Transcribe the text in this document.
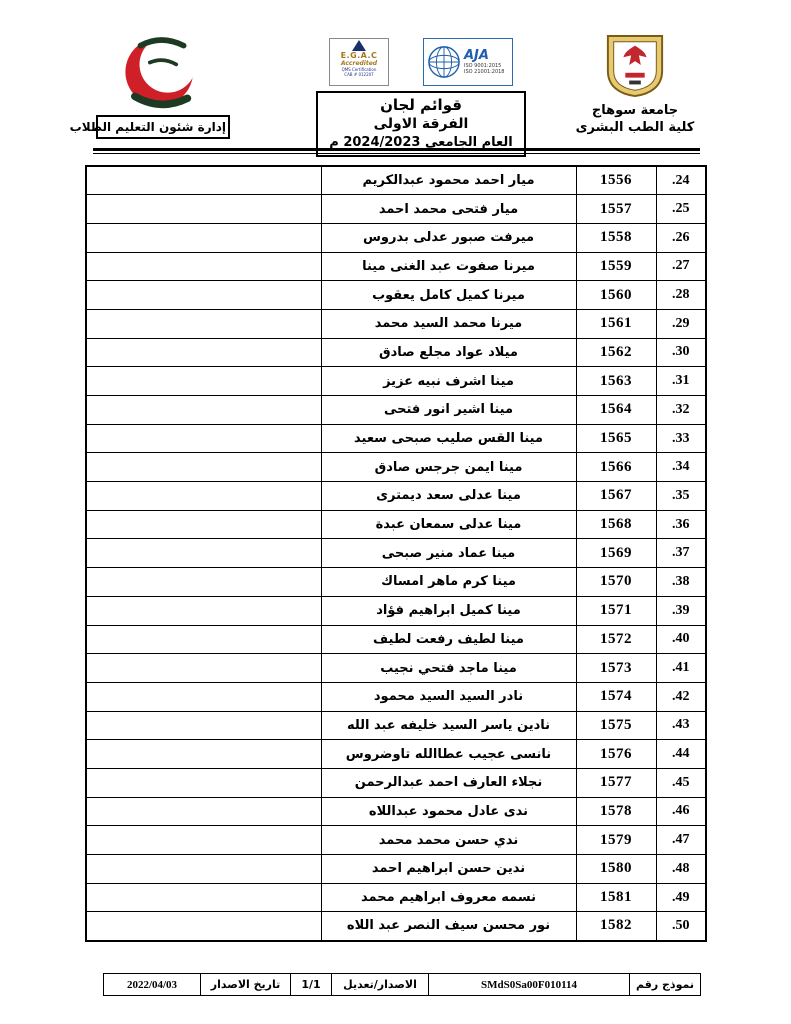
جامعة سوهاج
كلية الطب البشرى
E.G.A.C
Accredited
QMS Certification
CAB # 012207
AJA
ISO 9001:2015
ISO 21001:2018
قوائم لجان
الفرقة الاولى
العام الجامعي 2024/2023 م
إدارة شئون التعليم الطلاب
24.	1556	ميار احمد محمود عبدالكريم	
25.	1557	ميار فتحى محمد احمد	
26.	1558	ميرفت صبور عدلى بدروس	
27.	1559	ميرنا صفوت عبد الغنى مينا	
28.	1560	ميرنا كميل كامل يعقوب	
29.	1561	ميرنا محمد السيد محمد	
30.	1562	ميلاد عواد مجلع صادق	
31.	1563	مينا اشرف نبيه عزيز	
32.	1564	مينا اشير انور فتحى	
33.	1565	مينا القس صليب صبحى سعيد	
34.	1566	مينا ايمن جرجس صادق	
35.	1567	مينا عدلى سعد ديمترى	
36.	1568	مينا عدلى سمعان عبدة	
37.	1569	مينا عماد منير صبحى	
38.	1570	مينا كرم ماهر امساك	
39.	1571	مينا كميل ابراهيم فؤاد	
40.	1572	مينا لطيف رفعت لطيف	
41.	1573	مينا ماجد فتحي نجيب	
42.	1574	نادر السيد السيد محمود	
43.	1575	نادين ياسر السيد خليفه عبد الله	
44.	1576	نانسى عجيب عطاالله تاوضروس	
45.	1577	نجلاء العارف احمد عبدالرحمن	
46.	1578	ندى عادل محمود عبداللاه	
47.	1579	ندي حسن محمد محمد	
48.	1580	ندين حسن ابراهيم احمد	
49.	1581	نسمه معروف ابراهيم محمد	
50.	1582	نور محسن سيف النصر عبد اللاه	
نموذج رقم	SMdS0Sa00F010114	الاصدار/تعديل	1/1	تاريخ الاصدار	2022/04/03
